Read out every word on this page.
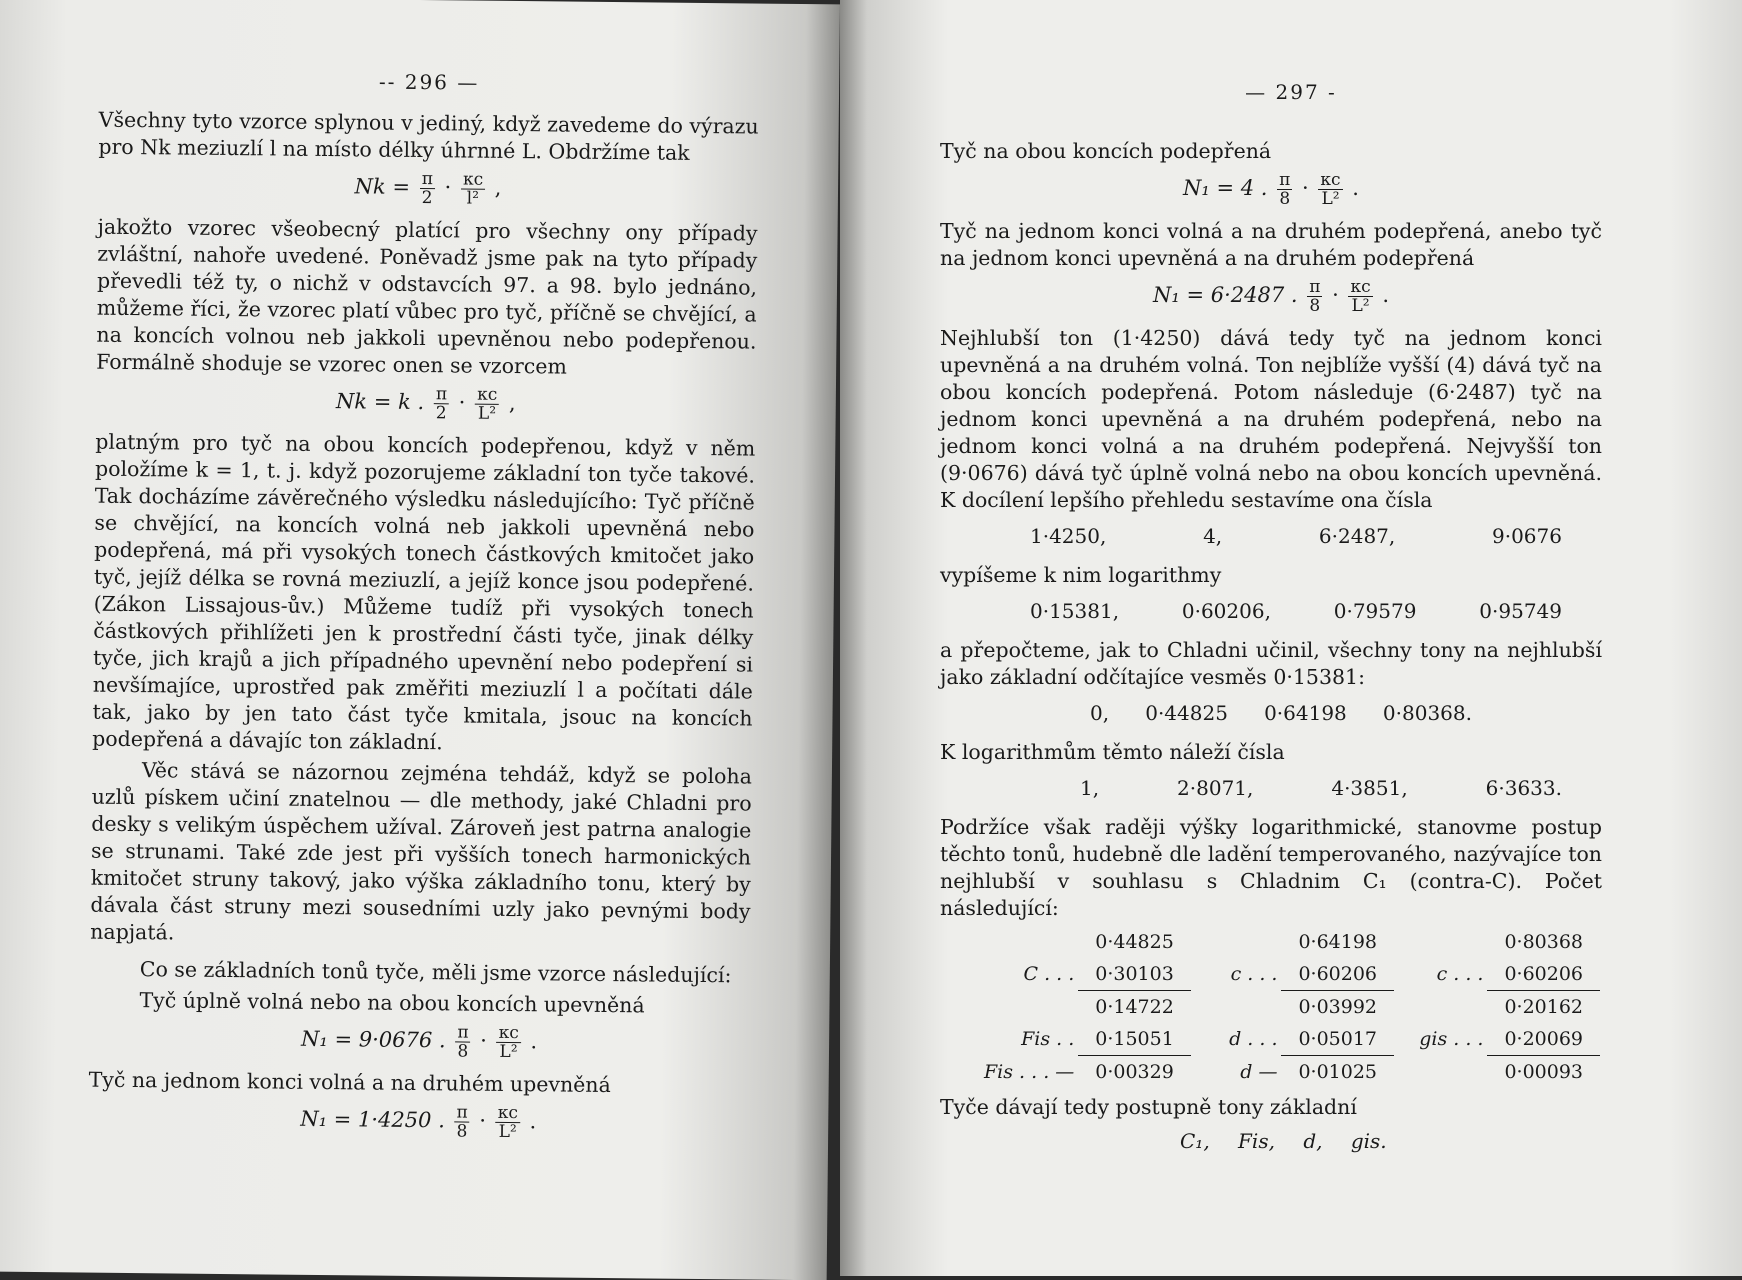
-- 296 —

Všechny tyto vzorce splynou v jediný, když zavedeme do výrazu pro Nk meziuzlí l na místo délky úhrnné L. Obdržíme tak

$Nk = \frac{\pi}{2} \cdot \frac{\kappa c}{\text{l²}}$ ,

jakožto vzorec všeobecný platící pro všechny ony případy zvláštní, nahoře uvedené. Poněvadž jsme pak na tyto případy převedli též ty, o nichž v odstavcích 97. a 98. bylo jednáno, můžeme říci, že vzorec platí vůbec pro tyč, příčně se chvějící, a na koncích volnou neb jakkoli upevněnou nebo podepřenou. Formálně shoduje se vzorec onen se vzorcem

Nk = k . $\frac{\pi}{2} \cdot \frac{\kappa c}{\text{L²}}$ ,

platným pro tyč na obou koncích podepřenou, když v něm položíme k = 1, t. j. když pozorujeme základní ton tyče takové. Tak docházíme závěrečného výsledku následujícího: Tyč příčně se chvějící, na koncích volná neb jakkoli upevněná nebo podepřená, má při vysokých tonech částkových kmitočet jako tyč, jejíž délka se rovná meziuzlí, a jejíž konce jsou podepřené. (Zákon Lissajous-ův.) Můžeme tudíž při vysokých tonech částkových přihlížeti jen k prostřední části tyče, jinak délky tyče, jich krajů a jich případného upevnění nebo podepření si nevšímajíce, uprostřed pak změřiti meziuzlí l a počítati dále tak, jako by jen tato část tyče kmitala, jsouc na koncích podepřená a dávajíc ton základní.

Věc stává se názornou zejména tehdáž, když se poloha uzlů pískem učiní znatelnou — dle methody, jaké Chladni pro desky s velikým úspěchem užíval. Zároveň jest patrna analogie se strunami. Také zde jest při vyšších tonech harmonických kmitočet struny takový, jako výška základního tonu, který by dávala část struny mezi sousedními uzly jako pevnými body napjatá.

Co se základních tonů tyče, měli jsme vzorce následující:

Tyč úplně volná nebo na obou koncích upevněná

N₁ = 9·0676 . $\frac{\pi}{8} \cdot \frac{\kappa c}{\text{L²}}$ .

Tyč na jednom konci volná a na druhém upevněná

N₁ = 1·4250 . $\frac{\pi}{8} \cdot \frac{\kappa c}{\text{L²}}$ .
— 297 -

Tyč na obou koncích podepřená

N₁ = 4 . $\frac{\pi}{8} \cdot \frac{\kappa c}{\text{L²}}$ .

Tyč na jednom konci volná a na druhém podepřená, anebo tyč na jednom konci upevněná a na druhém podepřená

N₁ = 6·2487 . $\frac{\pi}{8} \cdot \frac{\kappa c}{\text{L²}}$ .

Nejhlubší ton (1·4250) dává tedy tyč na jednom konci upevněná a na druhém volná. Ton nejblíže vyšší (4) dává tyč na obou koncích podepřená. Potom následuje (6·2487) tyč na jednom konci upevněná a na druhém podepřená, nebo na jednom konci volná a na druhém podepřená. Nejvyšší ton (9·0676) dává tyč úplně volná nebo na obou koncích upevněná. K docílení lepšího přehledu sestavíme ona čísla

1·4250,	4,	6·2487,	9·0676

vypíšeme k nim logarithmy

0·15381,	0·60206,	0·79579	0·95749

a přepočteme, jak to Chladni učinil, všechny tony na nejhlubší jako základní odčítajíce vesměs 0·15381:

0, 0·44825 0·64198 0·80368.

K logarithmům těmto náleží čísla

1,	2·8071,	4·3851,	6·3633.

Podržíce však raději výšky logarithmické, stanovme postup těchto tonů, hudebně dle ladění temperovaného, nazývajíce ton nejhlubší v souhlasu s Chladnim C₁ (contra-C). Počet následující:

	0·44825		0·64198		0·80368
C . . .	0·30103	c . . .	0·60206	c . . .	0·60206
	0·14722		0·03992		0·20162
Fis . .	0·15051	d . . .	0·05017	gis . . .	0·20069
Fis . . . —	0·00329	d —	0·01025		0·00093

Tyče dávají tedy postupně tony základní

C₁, Fis, d, gis.
